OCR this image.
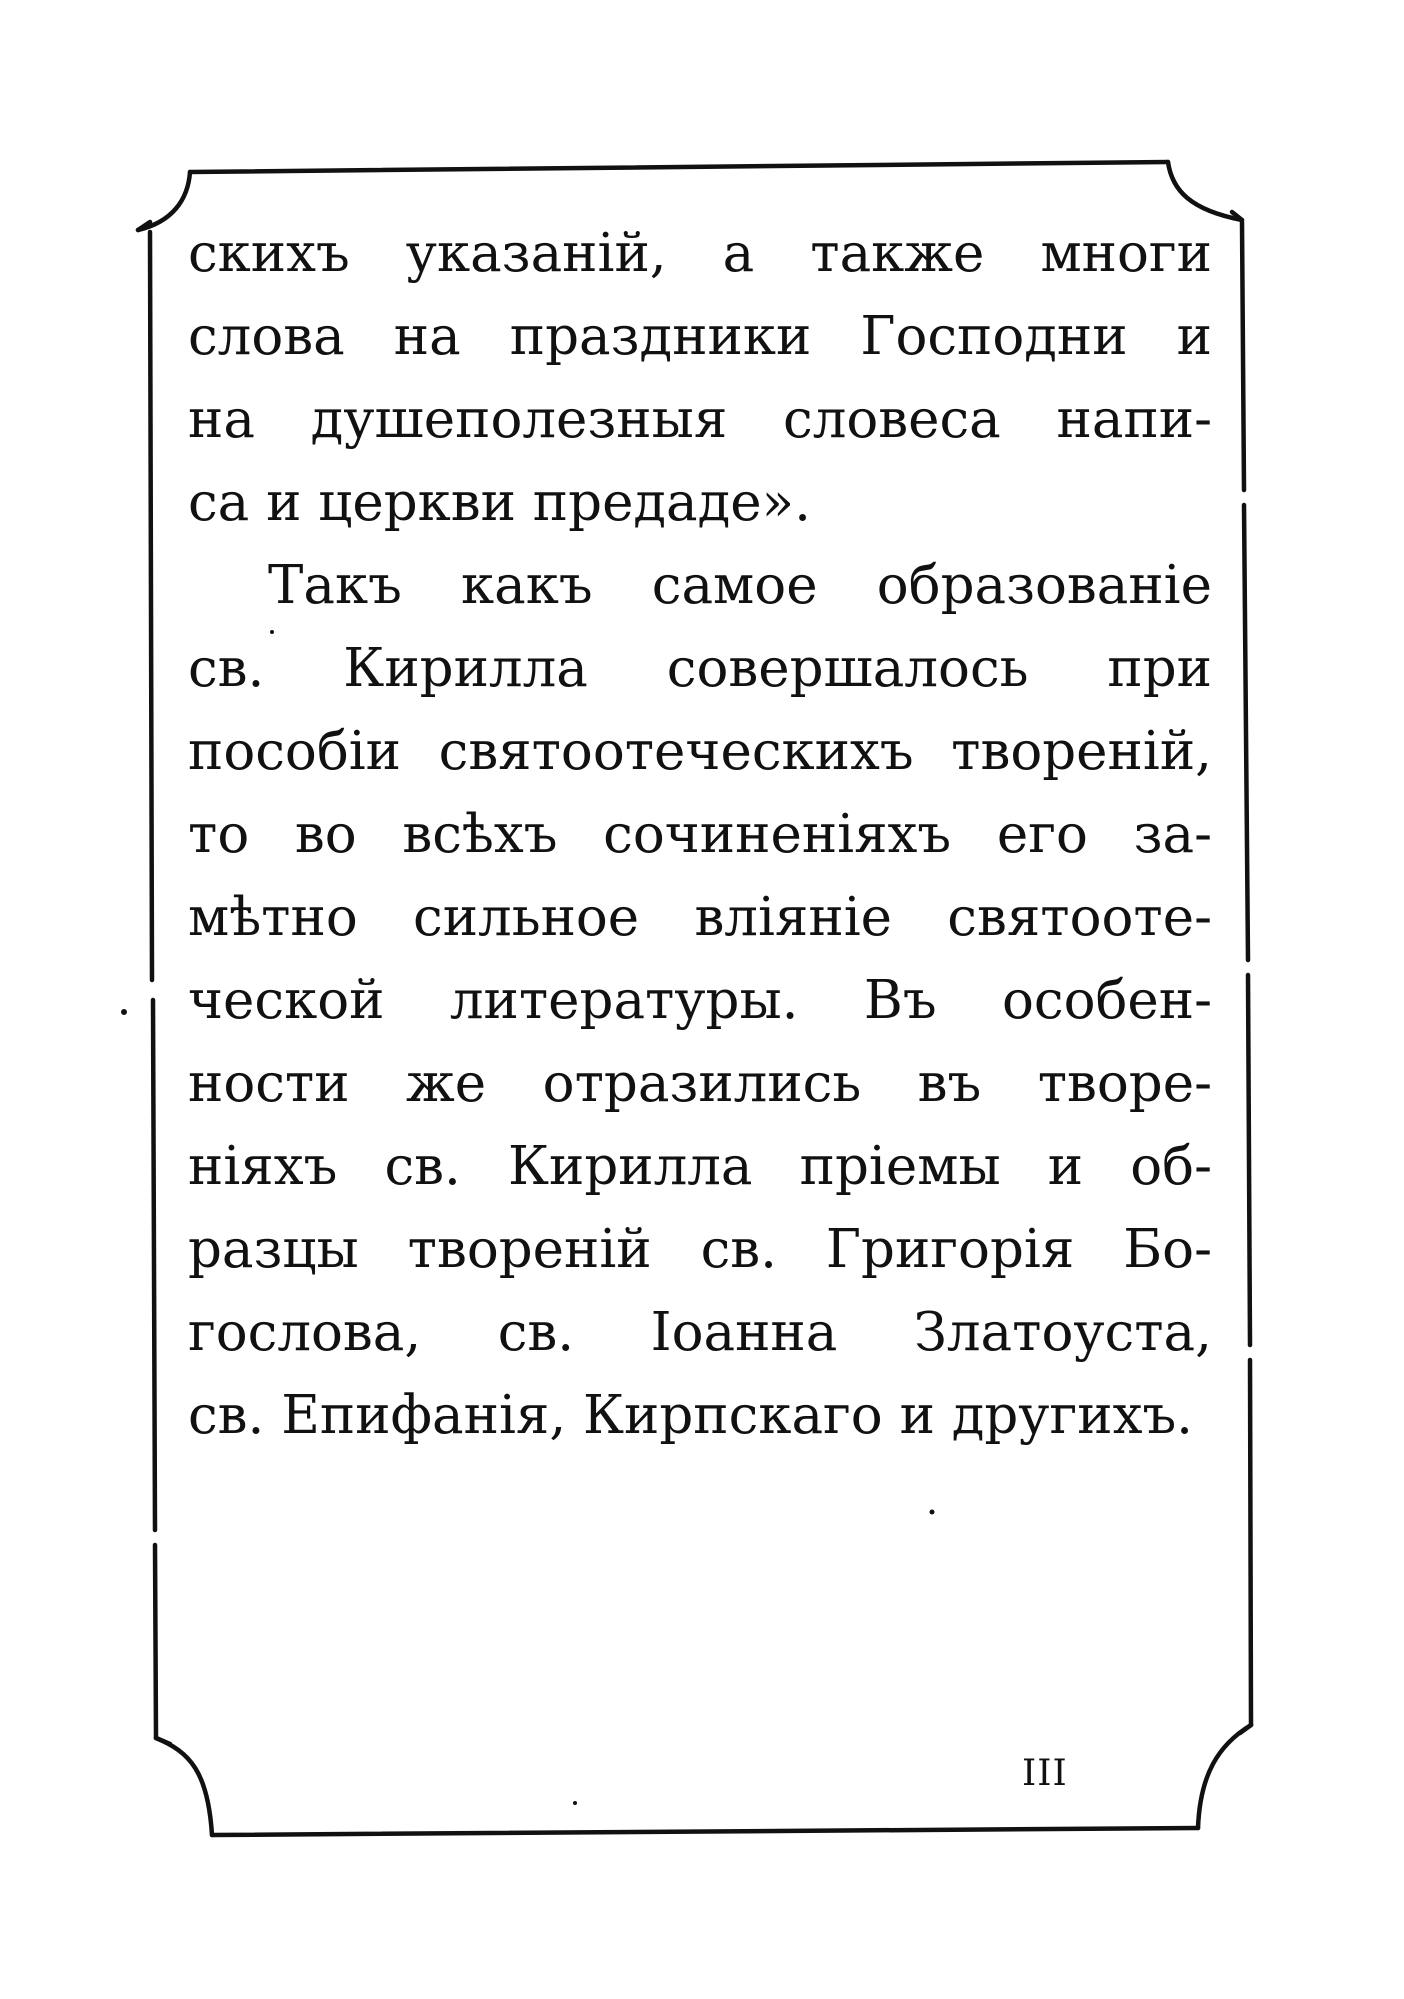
скихъ указаній, а также многи
слова на праздники Господни и
на душеполезныя словеса напи-
са и церкви предаде».
Такъ какъ самое образованіе
св. Кирилла совершалось при
пособіи святоотеческихъ твореній,
то во всѣхъ сочиненіяхъ его за-
мѣтно сильное вліяніе святоотe-
ческой литературы. Въ особен-
ности же отразились въ творе-
ніяхъ св. Кирилла пріемы и об-
разцы твореній св. Григорія Бо-
гослова, св. Іоанна Златоуста,
св. Епифанія, Кирпскаго и другихъ.
III
